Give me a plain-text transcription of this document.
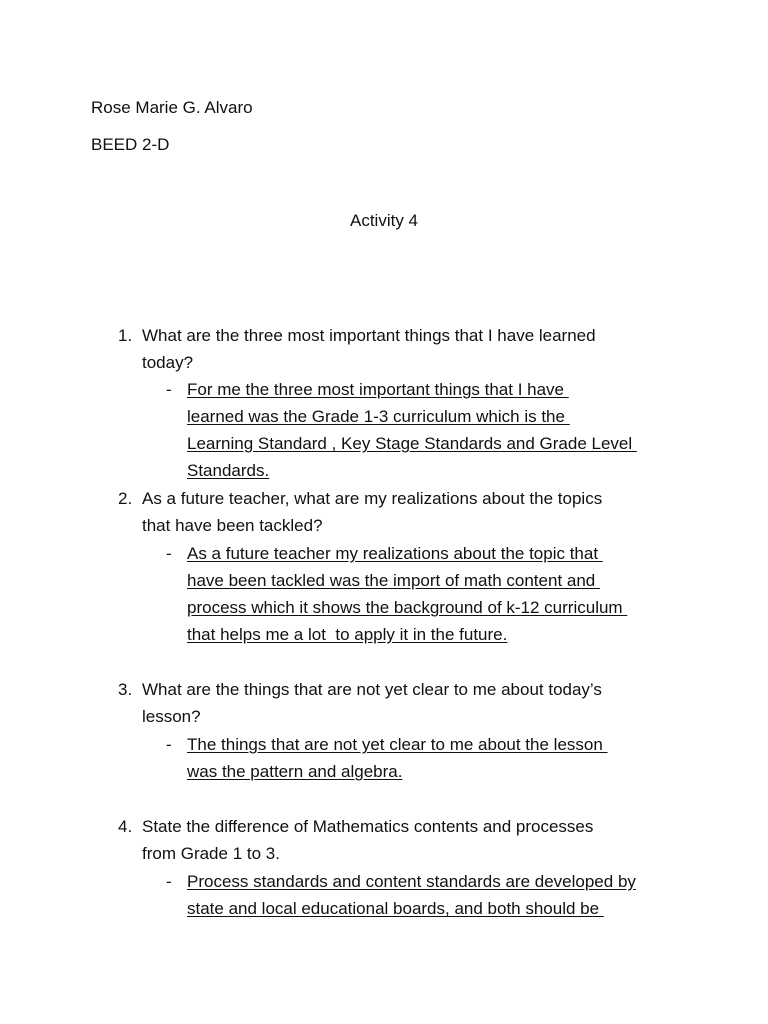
Rose Marie G. Alvaro
BEED 2-D
Activity 4
1. What are the three most important things that I have learned
today?
- For me the three most important things that I have
learned was the Grade 1-3 curriculum which is the
Learning Standard , Key Stage Standards and Grade Level
Standards.
2. As a future teacher, what are my realizations about the topics
that have been tackled?
- As a future teacher my realizations about the topic that
have been tackled was the import of math content and
process which it shows the background of k-12 curriculum
that helps me a lot  to apply it in the future.
3. What are the things that are not yet clear to me about today’s
lesson?
- The things that are not yet clear to me about the lesson
was the pattern and algebra.
4. State the difference of Mathematics contents and processes
from Grade 1 to 3.
- Process standards and content standards are developed by
state and local educational boards, and both should be
